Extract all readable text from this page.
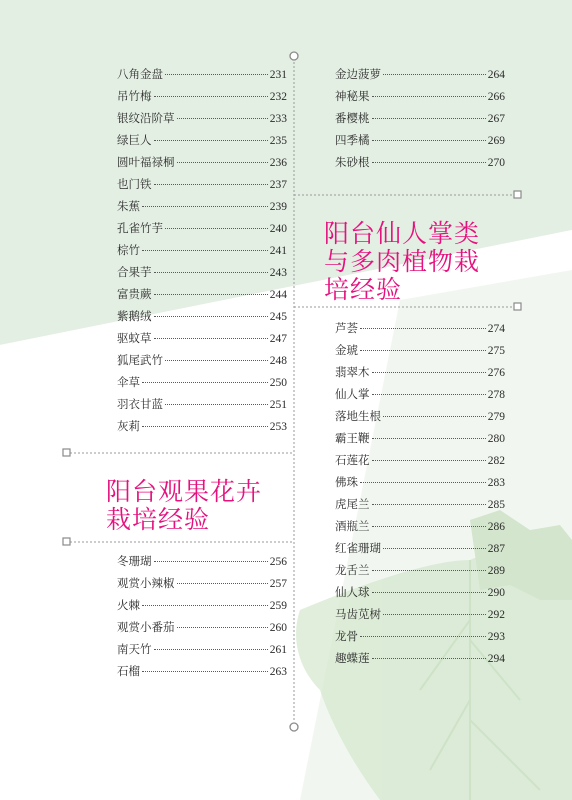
八角金盘	231
吊竹梅	232
银纹沿阶草	233
绿巨人	235
圆叶福禄桐	236
也门铁	237
朱蕉	239
孔雀竹芋	240
棕竹	241
合果芋	243
富贵蕨	244
紫鹅绒	245
驱蚊草	247
狐尾武竹	248
伞草	250
羽衣甘蓝	251
灰莉	253
阳台观果花卉
栽培经验
冬珊瑚	256
观赏小辣椒	257
火棘	259
观赏小番茄	260
南天竹	261
石榴	263
金边菠萝	264
神秘果	266
番樱桃	267
四季橘	269
朱砂根	270
阳台仙人掌类
与多肉植物栽
培经验
芦荟	274
金琥	275
翡翠木	276
仙人掌	278
落地生根	279
霸王鞭	280
石莲花	282
佛珠	283
虎尾兰	285
酒瓶兰	286
红雀珊瑚	287
龙舌兰	289
仙人球	290
马齿苋树	292
龙骨	293
趣蝶莲	294
